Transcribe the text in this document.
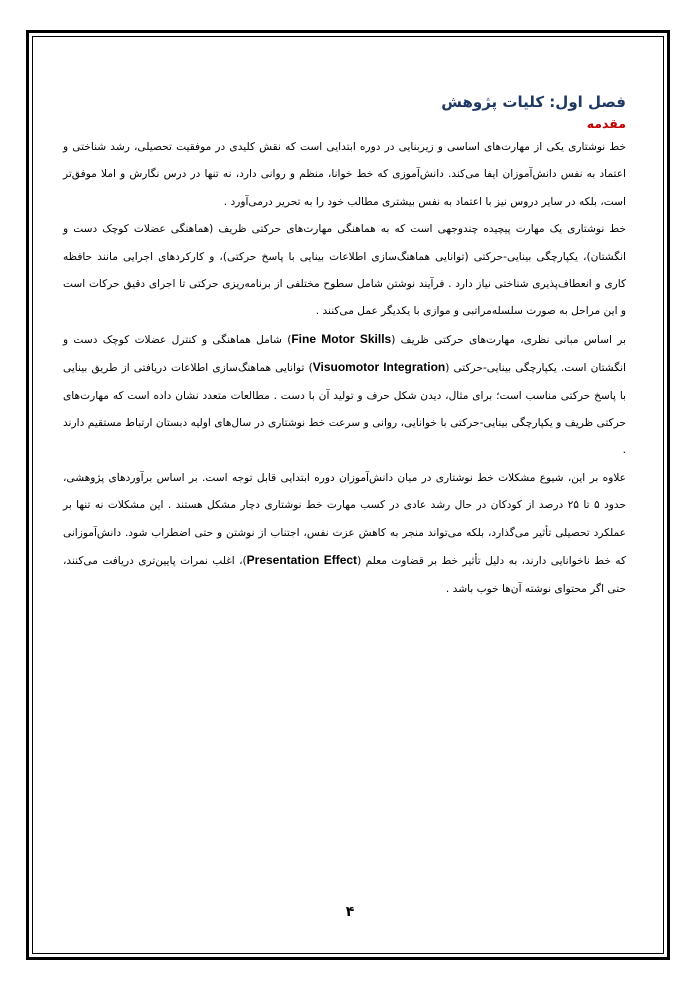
فصل اول: کلیات پژوهش
مقدمه

خط نوشتاری یکی از مهارت‌های اساسی و زیربنایی در دوره ابتدایی است که نقش کلیدی در موفقیت تحصیلی، رشد شناختی و اعتماد به نفس دانش‌آموزان ایفا می‌کند. دانش‌آموزی که خط خوانا، منظم و روانی دارد، نه تنها در درس نگارش و املا موفق‌تر است، بلکه در سایر دروس نیز با اعتماد به نفس بیشتری مطالب خود را به تحریر درمی‌آورد .

خط نوشتاری یک مهارت پیچیده چندوجهی است که به هماهنگی مهارت‌های حرکتی ظریف (هماهنگی عضلات کوچک دست و انگشتان)، یکپارچگی بینایی-حرکتی (توانایی هماهنگ‌سازی اطلاعات بینایی با پاسخ حرکتی)، و کارکردهای اجرایی مانند حافظه کاری و انعطاف‌پذیری شناختی نیاز دارد . فرآیند نوشتن شامل سطوح مختلفی از برنامه‌ریزی حرکتی تا اجرای دقیق حرکات است و این مراحل به صورت سلسله‌مراتبی و موازی با یکدیگر عمل می‌کنند .

بر اساس مبانی نظری، مهارت‌های حرکتی ظریف (Fine Motor Skills) شامل هماهنگی و کنترل عضلات کوچک دست و انگشتان است. یکپارچگی بینایی-حرکتی (Visuomotor Integration) توانایی هماهنگ‌سازی اطلاعات دریافتی از طریق بینایی با پاسخ حرکتی مناسب است؛ برای مثال، دیدن شکل حرف و تولید آن با دست . مطالعات متعدد نشان داده است که مهارت‌های حرکتی ظریف و یکپارچگی بینایی-حرکتی با خوانایی، روانی و سرعت خط نوشتاری در سال‌های اولیه دبستان ارتباط مستقیم دارند .

علاوه بر این، شیوع مشکلات خط نوشتاری در میان دانش‌آموزان دوره ابتدایی قابل توجه است. بر اساس برآوردهای پژوهشی، حدود ۵ تا ۲۵ درصد از کودکان در حال رشد عادی در کسب مهارت خط نوشتاری دچار مشکل هستند . این مشکلات نه تنها بر عملکرد تحصیلی تأثیر می‌گذارد، بلکه می‌تواند منجر به کاهش عزت نفس، اجتناب از نوشتن و حتی اضطراب شود. دانش‌آموزانی که خط ناخوانایی دارند، به دلیل تأثیر خط بر قضاوت معلم (Presentation Effect)، اغلب نمرات پایین‌تری دریافت می‌کنند، حتی اگر محتوای نوشته آن‌ها خوب باشد .

۴
